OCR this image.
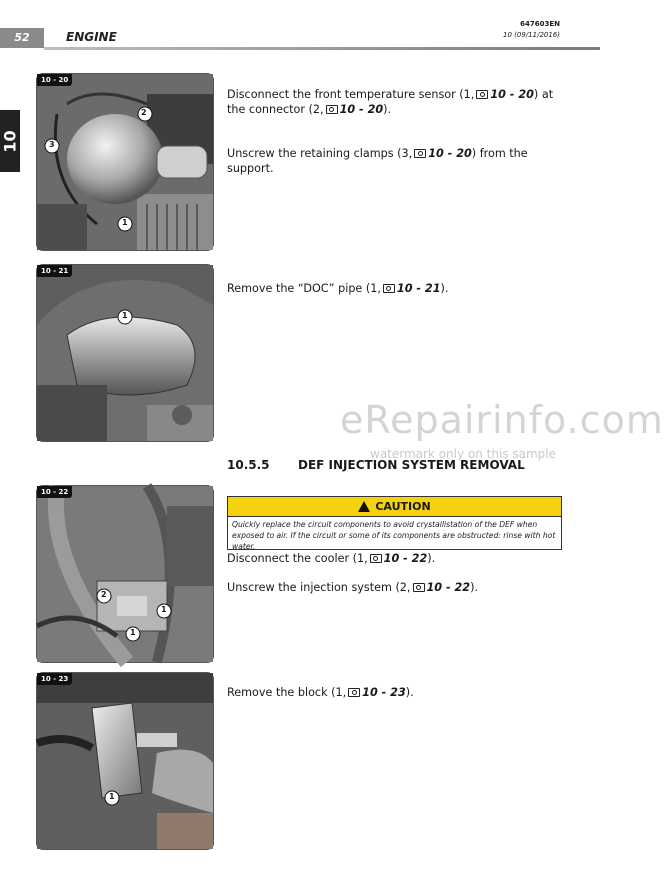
52	ENGINE
647603EN
10 (09/11/2016)
10
10 - 20
2
1
3
10 - 21
1
10 - 22
1
1
2
10 - 23
1
Disconnect the front temperature sensor (1, 10 - 20) at the connector (2, 10 - 20).
Unscrew the retaining clamps (3, 10 - 20) from the support.
Remove the “DOC” pipe (1, 10 - 21).
eRepairinfo.com
watermark only on this sample
10.5.5 DEF INJECTION SYSTEM REMOVAL
CAUTION
Quickly replace the circuit components to avoid crystallistation of the DEF when exposed to air. If the circuit or some of its components are obstructed: rinse with hot water.
Disconnect the cooler (1, 10 - 22).
Unscrew the injection system (2, 10 - 22).
Remove the block (1, 10 - 23).
